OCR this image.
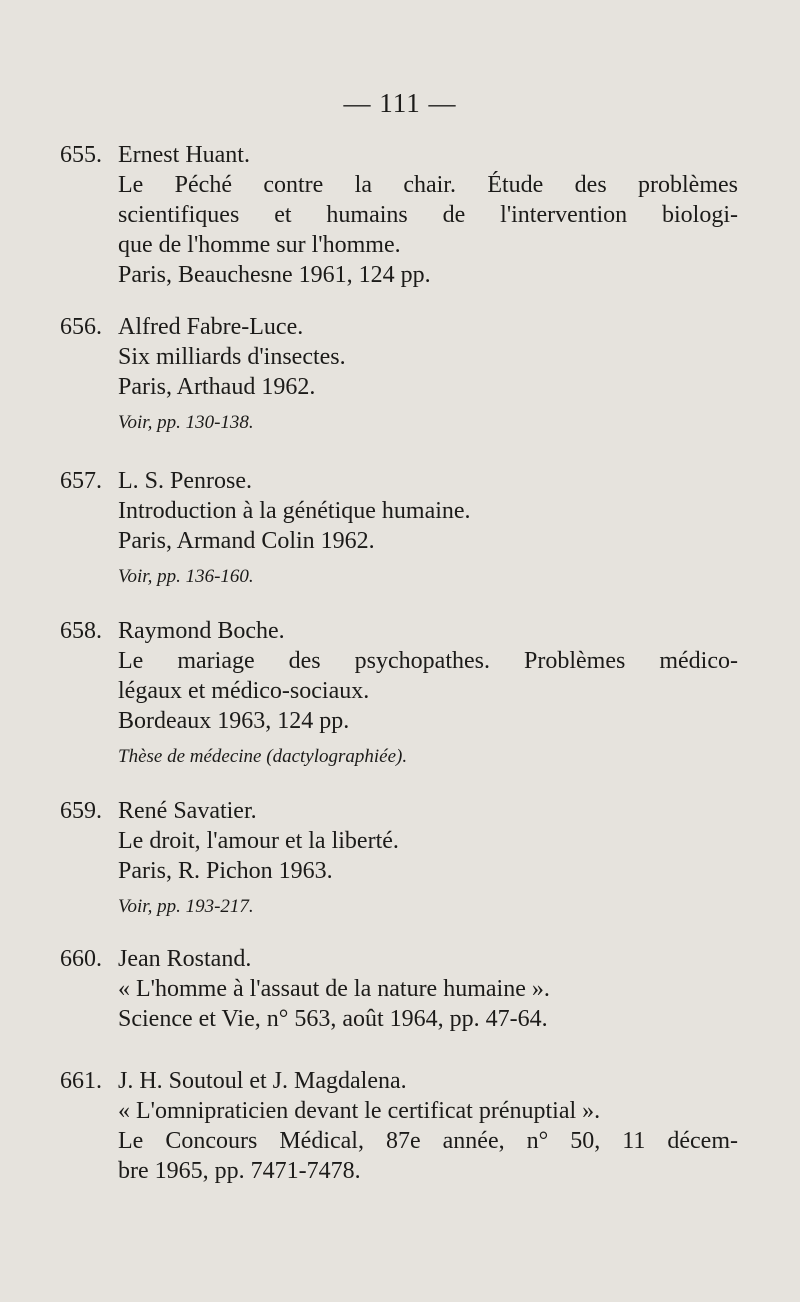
— 111 —
655. Ernest Huant.
Le Péché contre la chair. Étude des problèmes
scientifiques et humains de l'intervention biologi-
que de l'homme sur l'homme.
Paris, Beauchesne 1961, 124 pp.
656. Alfred Fabre-Luce.
Six milliards d'insectes.
Paris, Arthaud 1962.
Voir, pp. 130-138.
657. L. S. Penrose.
Introduction à la génétique humaine.
Paris, Armand Colin 1962.
Voir, pp. 136-160.
658. Raymond Boche.
Le mariage des psychopathes. Problèmes médico-
légaux et médico-sociaux.
Bordeaux 1963, 124 pp.
Thèse de médecine (dactylographiée).
659. René Savatier.
Le droit, l'amour et la liberté.
Paris, R. Pichon 1963.
Voir, pp. 193-217.
660. Jean Rostand.
« L'homme à l'assaut de la nature humaine ».
Science et Vie, n° 563, août 1964, pp. 47-64.
661. J. H. Soutoul et J. Magdalena.
« L'omnipraticien devant le certificat prénuptial ».
Le Concours Médical, 87e année, n° 50, 11 décem-
bre 1965, pp. 7471-7478.
